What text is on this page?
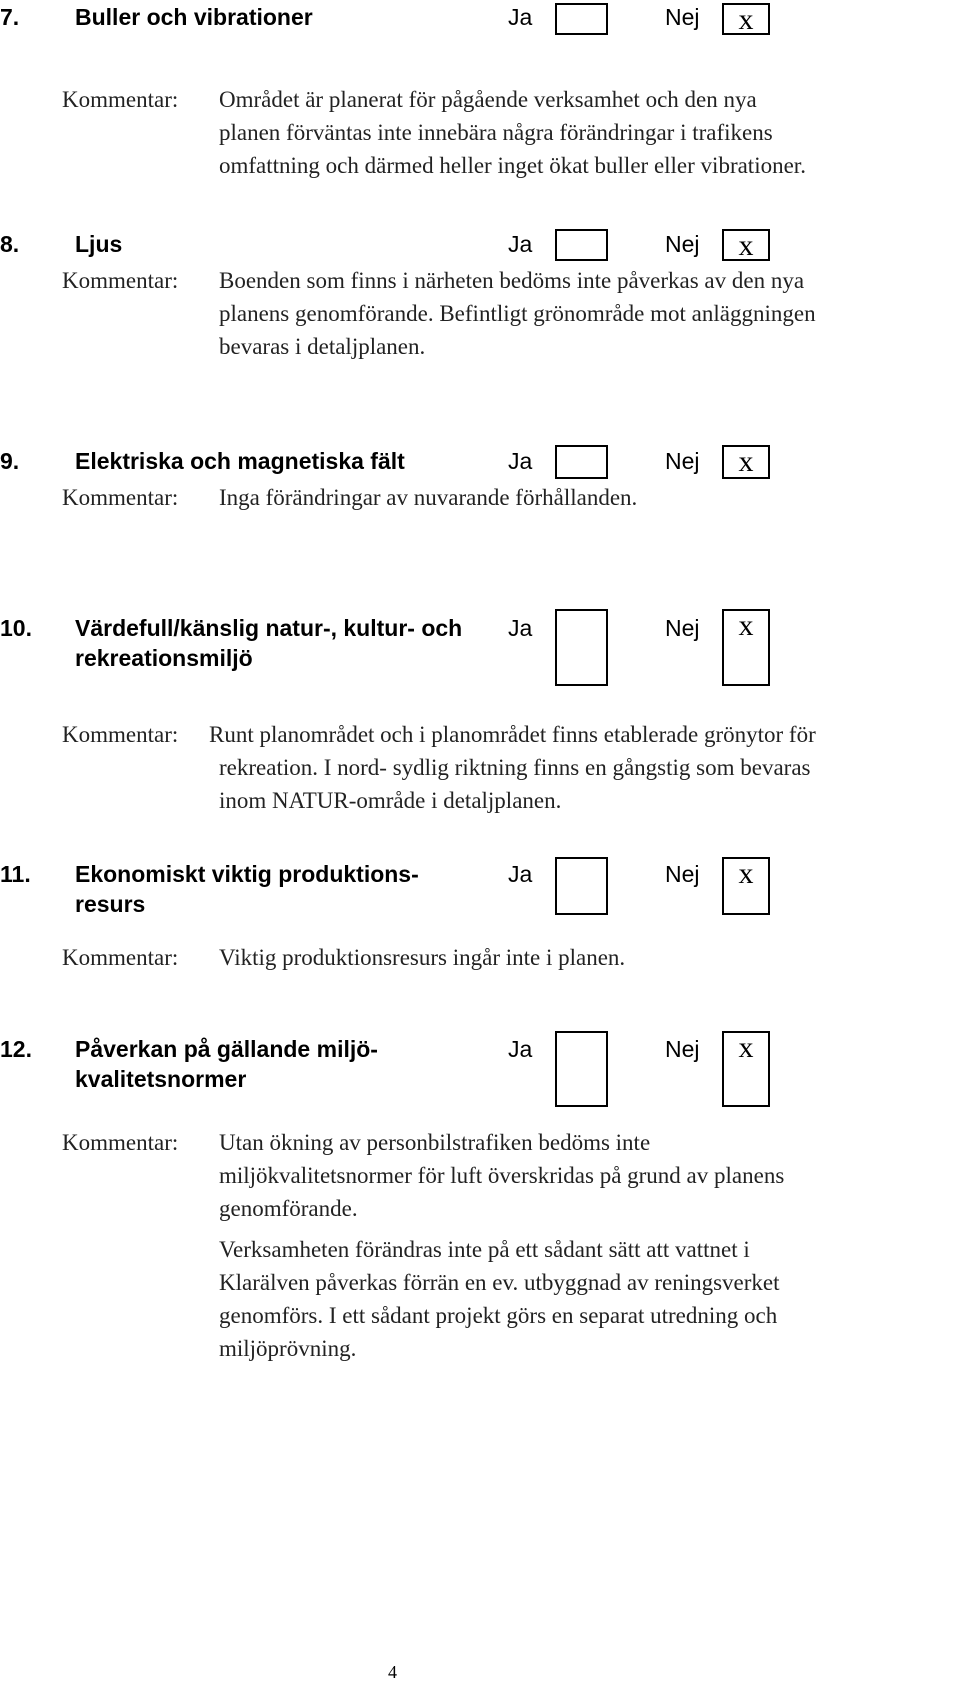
7. Buller och vibrationer	Ja	Nej	x
Kommentar: Området är planerat för pågående verksamhet och den nya
planen förväntas inte innebära några förändringar i trafikens
omfattning och därmed heller inget ökat buller eller vibrationer.
8. Ljus	Ja	Nej	x
Kommentar: Boenden som finns i närheten bedöms inte påverkas av den nya
planens genomförande. Befintligt grönområde mot anläggningen
bevaras i detaljplanen.
9. Elektriska och magnetiska fält	Ja	Nej	x
Kommentar: Inga förändringar av nuvarande förhållanden.
10. Värdefull/känslig natur-, kultur- och
rekreationsmiljö
Ja	Nej	x
Kommentar: Runt planområdet och i planområdet finns etablerade grönytor för
rekreation. I nord- sydlig riktning finns en gångstig som bevaras
inom NATUR-område i detaljplanen.
11. Ekonomiskt viktig produktions-
resurs
Ja	Nej	x
Kommentar: Viktig produktionsresurs ingår inte i planen.
12. Påverkan på gällande miljö-
kvalitetsnormer
Ja	Nej	x
Kommentar: Utan ökning av personbilstrafiken bedöms inte
miljökvalitetsnormer för luft överskridas på grund av planens
genomförande.
Verksamheten förändras inte på ett sådant sätt att vattnet i
Klarälven påverkas förrän en ev. utbyggnad av reningsverket
genomförs. I ett sådant projekt görs en separat utredning och
miljöprövning.
4
